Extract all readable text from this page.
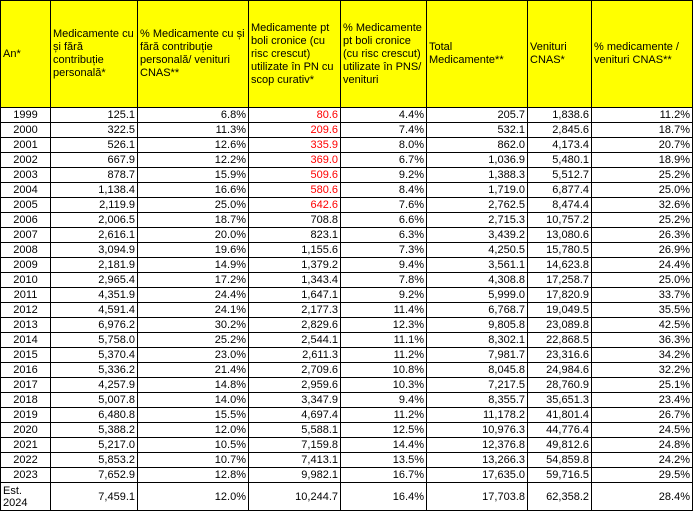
An*	Medicamente cu și fără contribuție personală*	% Medicamente cu și fără contribuție personală/ venituri CNAS**	Medicamente pt boli cronice (cu risc crescut) utilizate în PN cu scop curativ*	% Medicamente pt boli cronice (cu risc crescut) utilizate în PNS/ venituri	Total Medicamente**	Venituri CNAS*	% medicamente / venituri CNAS**
1999	125.1	6.8%	80.6	4.4%	205.7	1,838.6	11.2%
2000	322.5	11.3%	209.6	7.4%	532.1	2,845.6	18.7%
2001	526.1	12.6%	335.9	8.0%	862.0	4,173.4	20.7%
2002	667.9	12.2%	369.0	6.7%	1,036.9	5,480.1	18.9%
2003	878.7	15.9%	509.6	9.2%	1,388.3	5,512.7	25.2%
2004	1,138.4	16.6%	580.6	8.4%	1,719.0	6,877.4	25.0%
2005	2,119.9	25.0%	642.6	7.6%	2,762.5	8,474.4	32.6%
2006	2,006.5	18.7%	708.8	6.6%	2,715.3	10,757.2	25.2%
2007	2,616.1	20.0%	823.1	6.3%	3,439.2	13,080.6	26.3%
2008	3,094.9	19.6%	1,155.6	7.3%	4,250.5	15,780.5	26.9%
2009	2,181.9	14.9%	1,379.2	9.4%	3,561.1	14,623.8	24.4%
2010	2,965.4	17.2%	1,343.4	7.8%	4,308.8	17,258.7	25.0%
2011	4,351.9	24.4%	1,647.1	9.2%	5,999.0	17,820.9	33.7%
2012	4,591.4	24.1%	2,177.3	11.4%	6,768.7	19,049.5	35.5%
2013	6,976.2	30.2%	2,829.6	12.3%	9,805.8	23,089.8	42.5%
2014	5,758.0	25.2%	2,544.1	11.1%	8,302.1	22,868.5	36.3%
2015	5,370.4	23.0%	2,611.3	11.2%	7,981.7	23,316.6	34.2%
2016	5,336.2	21.4%	2,709.6	10.8%	8,045.8	24,984.6	32.2%
2017	4,257.9	14.8%	2,959.6	10.3%	7,217.5	28,760.9	25.1%
2018	5,007.8	14.0%	3,347.9	9.4%	8,355.7	35,651.3	23.4%
2019	6,480.8	15.5%	4,697.4	11.2%	11,178.2	41,801.4	26.7%
2020	5,388.2	12.0%	5,588.1	12.5%	10,976.3	44,776.4	24.5%
2021	5,217.0	10.5%	7,159.8	14.4%	12,376.8	49,812.6	24.8%
2022	5,853.2	10.7%	7,413.1	13.5%	13,266.3	54,859.8	24.2%
2023	7,652.9	12.8%	9,982.1	16.7%	17,635.0	59,716.5	29.5%
Est. 2024	7,459.1	12.0%	10,244.7	16.4%	17,703.8	62,358.2	28.4%
